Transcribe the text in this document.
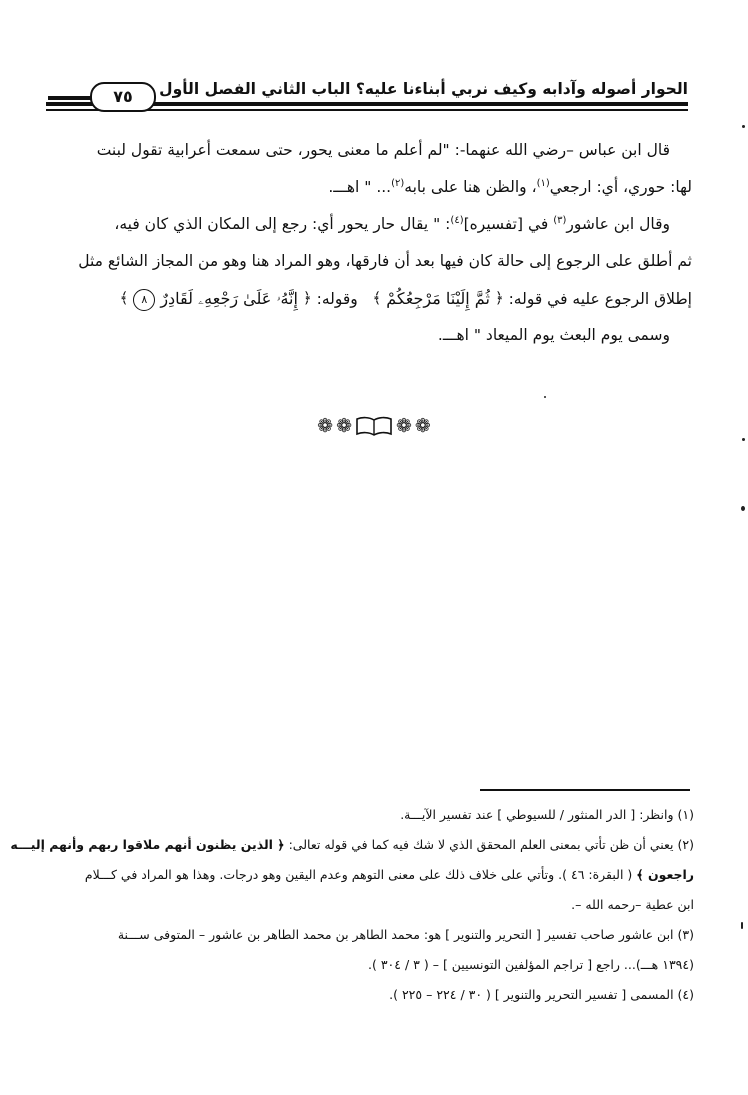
الحوار أصوله وآدابه وكيف نربي أبناءنا عليه؟ الباب الثاني الفصل الأول
٧٥
قال ابن عباس –رضي الله عنهما-: "لم أعلم ما معنى يحور، حتى سمعت أعرابية تقول لبنت
لها: حوري، أي: ارجعي$^{(١)}$، والظن هنا على بابه$^{(٢)}$... " اهـــ.
وقال ابن عاشور$^{(٣)}$ في [تفسيره]$^{(٤)}$: " يقال حار يحور أي: رجع إلى المكان الذي كان فيه،
ثم أطلق على الرجوع إلى حالة كان فيها بعد أن فارقها، وهو المراد هنا وهو من المجاز الشائع مثل
إطلاق الرجوع عليه في قوله: ﴿ ثُمَّ إِلَيْنَا مَرْجِعُكُمْ ﴾   وقوله: ﴿ إِنَّهُۥ عَلَىٰ رَجْعِهِۦ لَقَادِرٌ ٨ ﴾
وسمى يوم البعث يوم الميعاد " اهـــ.
❁ ❁ ❁ ❁
(١) وانظر: [ الدر المنثور / للسيوطي ] عند تفسير الآيـــة.
(٢) يعني أن ظن تأتي بمعنى العلم المحقق الذي لا شك فيه كما في قوله تعالى: ﴿ الذين يظنون أنهم ملاقوا ربهم وأنهم إليـــه
راجعون ﴾ ( البقرة: ٤٦ ). وتأتي على خلاف ذلك على معنى التوهم وعدم اليقين وهو درجات. وهذا هو المراد في كـــلام
ابن عطية –رحمه الله –.
(٣) ابن عاشور صاحب تفسير [ التحرير والتنوير ] هو: محمد الطاهر بن محمد الطاهر بن عاشور – المتوفى ســـنة
(١٣٩٤ هـــ)... راجع [ تراجم المؤلفين التونسيين ] – ( ٣ / ٣٠٤ ).
(٤) المسمى [ تفسير التحرير والتنوير ] ( ٣٠ / ٢٢٤ – ٢٢٥ ).
